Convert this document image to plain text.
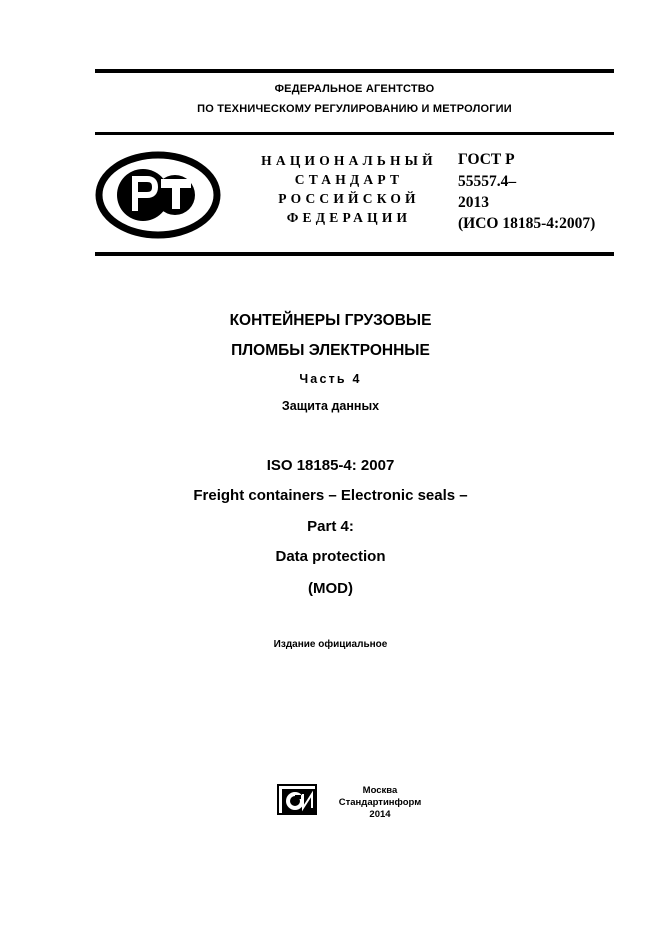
ФЕДЕРАЛЬНОЕ АГЕНТСТВО
ПО ТЕХНИЧЕСКОМУ РЕГУЛИРОВАНИЮ И МЕТРОЛОГИИ
НАЦИОНАЛЬНЫЙ
СТАНДАРТ
РОССИЙСКОЙ
ФЕДЕРАЦИИ
ГОСТ Р
55557.4–
2013
(ИСО 18185-4:2007)
КОНТЕЙНЕРЫ ГРУЗОВЫЕ
ПЛОМБЫ ЭЛЕКТРОННЫЕ
Часть 4
Защита данных
ISO 18185-4: 2007
Freight containers – Electronic seals –
Part 4:
Data protection
(MOD)
Издание официальное
Москва
Стандартинформ
2014
